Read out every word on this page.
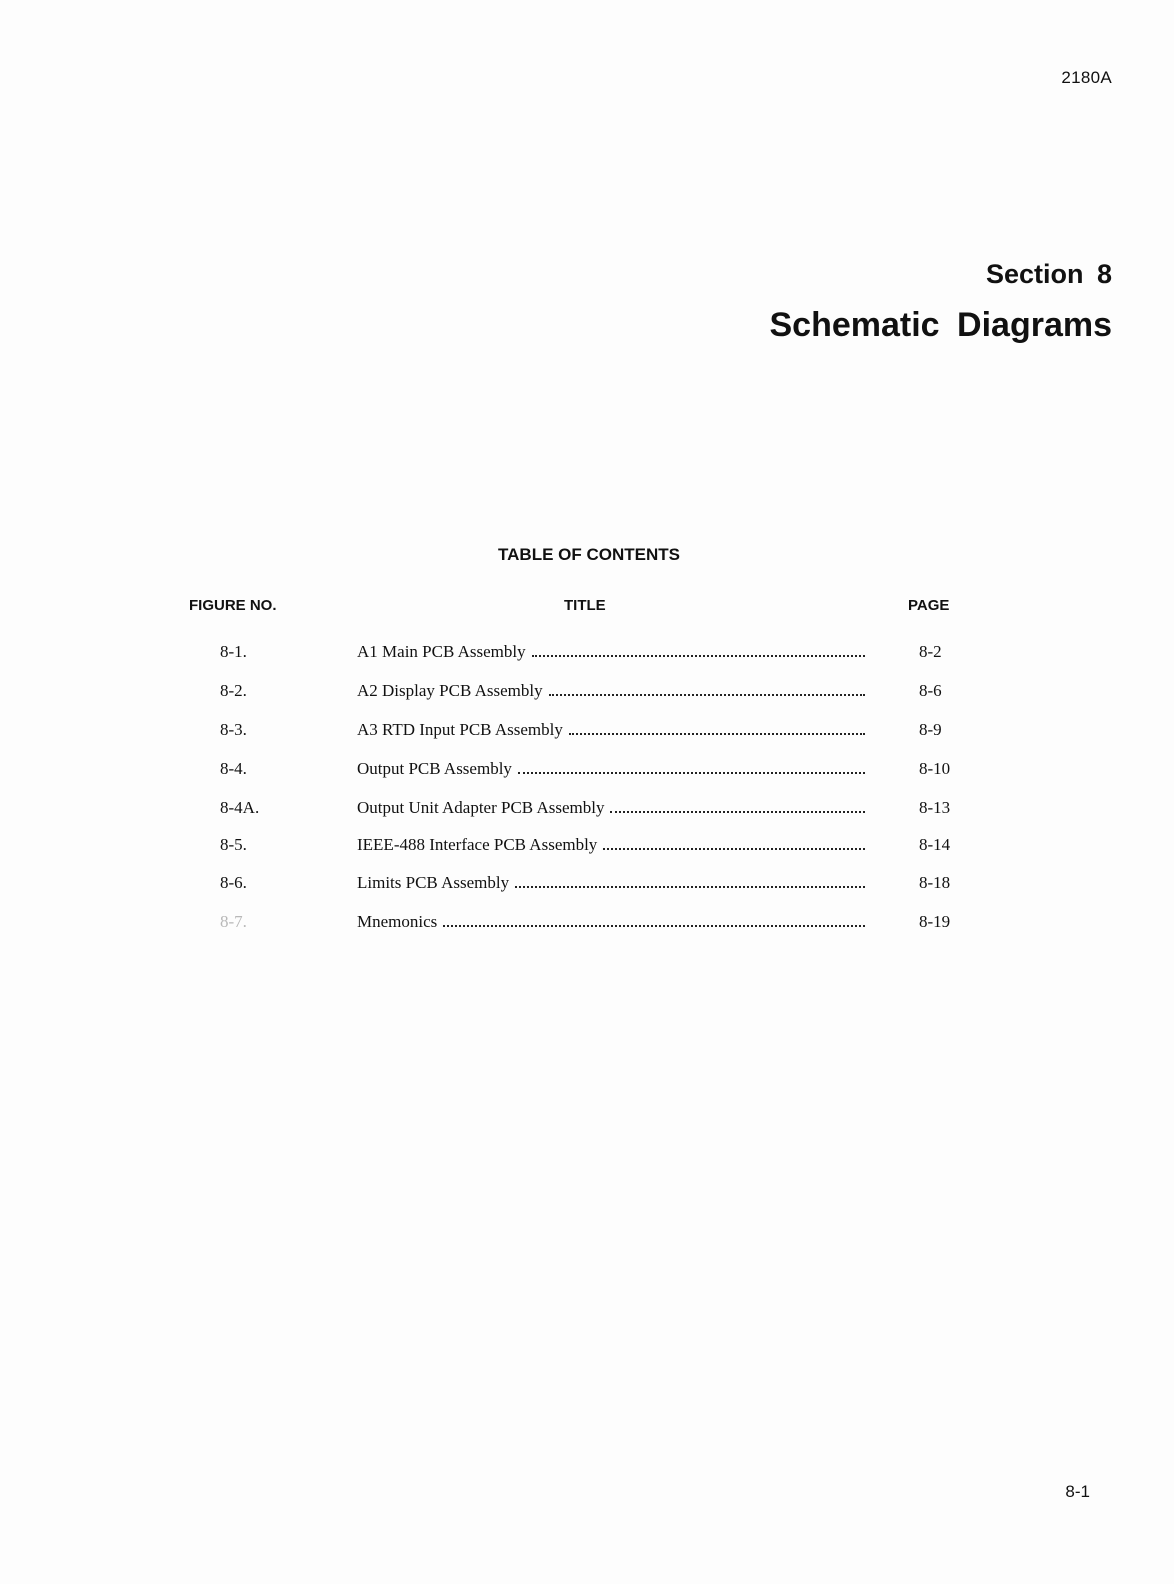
2180A
Section 8
Schematic Diagrams
TABLE OF CONTENTS
FIGURE NO.	TITLE	PAGE
8-1.	A1 Main PCB Assembly	8-2
8-2.	A2 Display PCB Assembly	8-6
8-3.	A3 RTD Input PCB Assembly	8-9
8-4.	Output PCB Assembly	8-10
8-4A.	Output Unit Adapter PCB Assembly	8-13
8-5.	IEEE-488 Interface PCB Assembly	8-14
8-6.	Limits PCB Assembly	8-18
8-7.	Mnemonics	8-19
8-1
